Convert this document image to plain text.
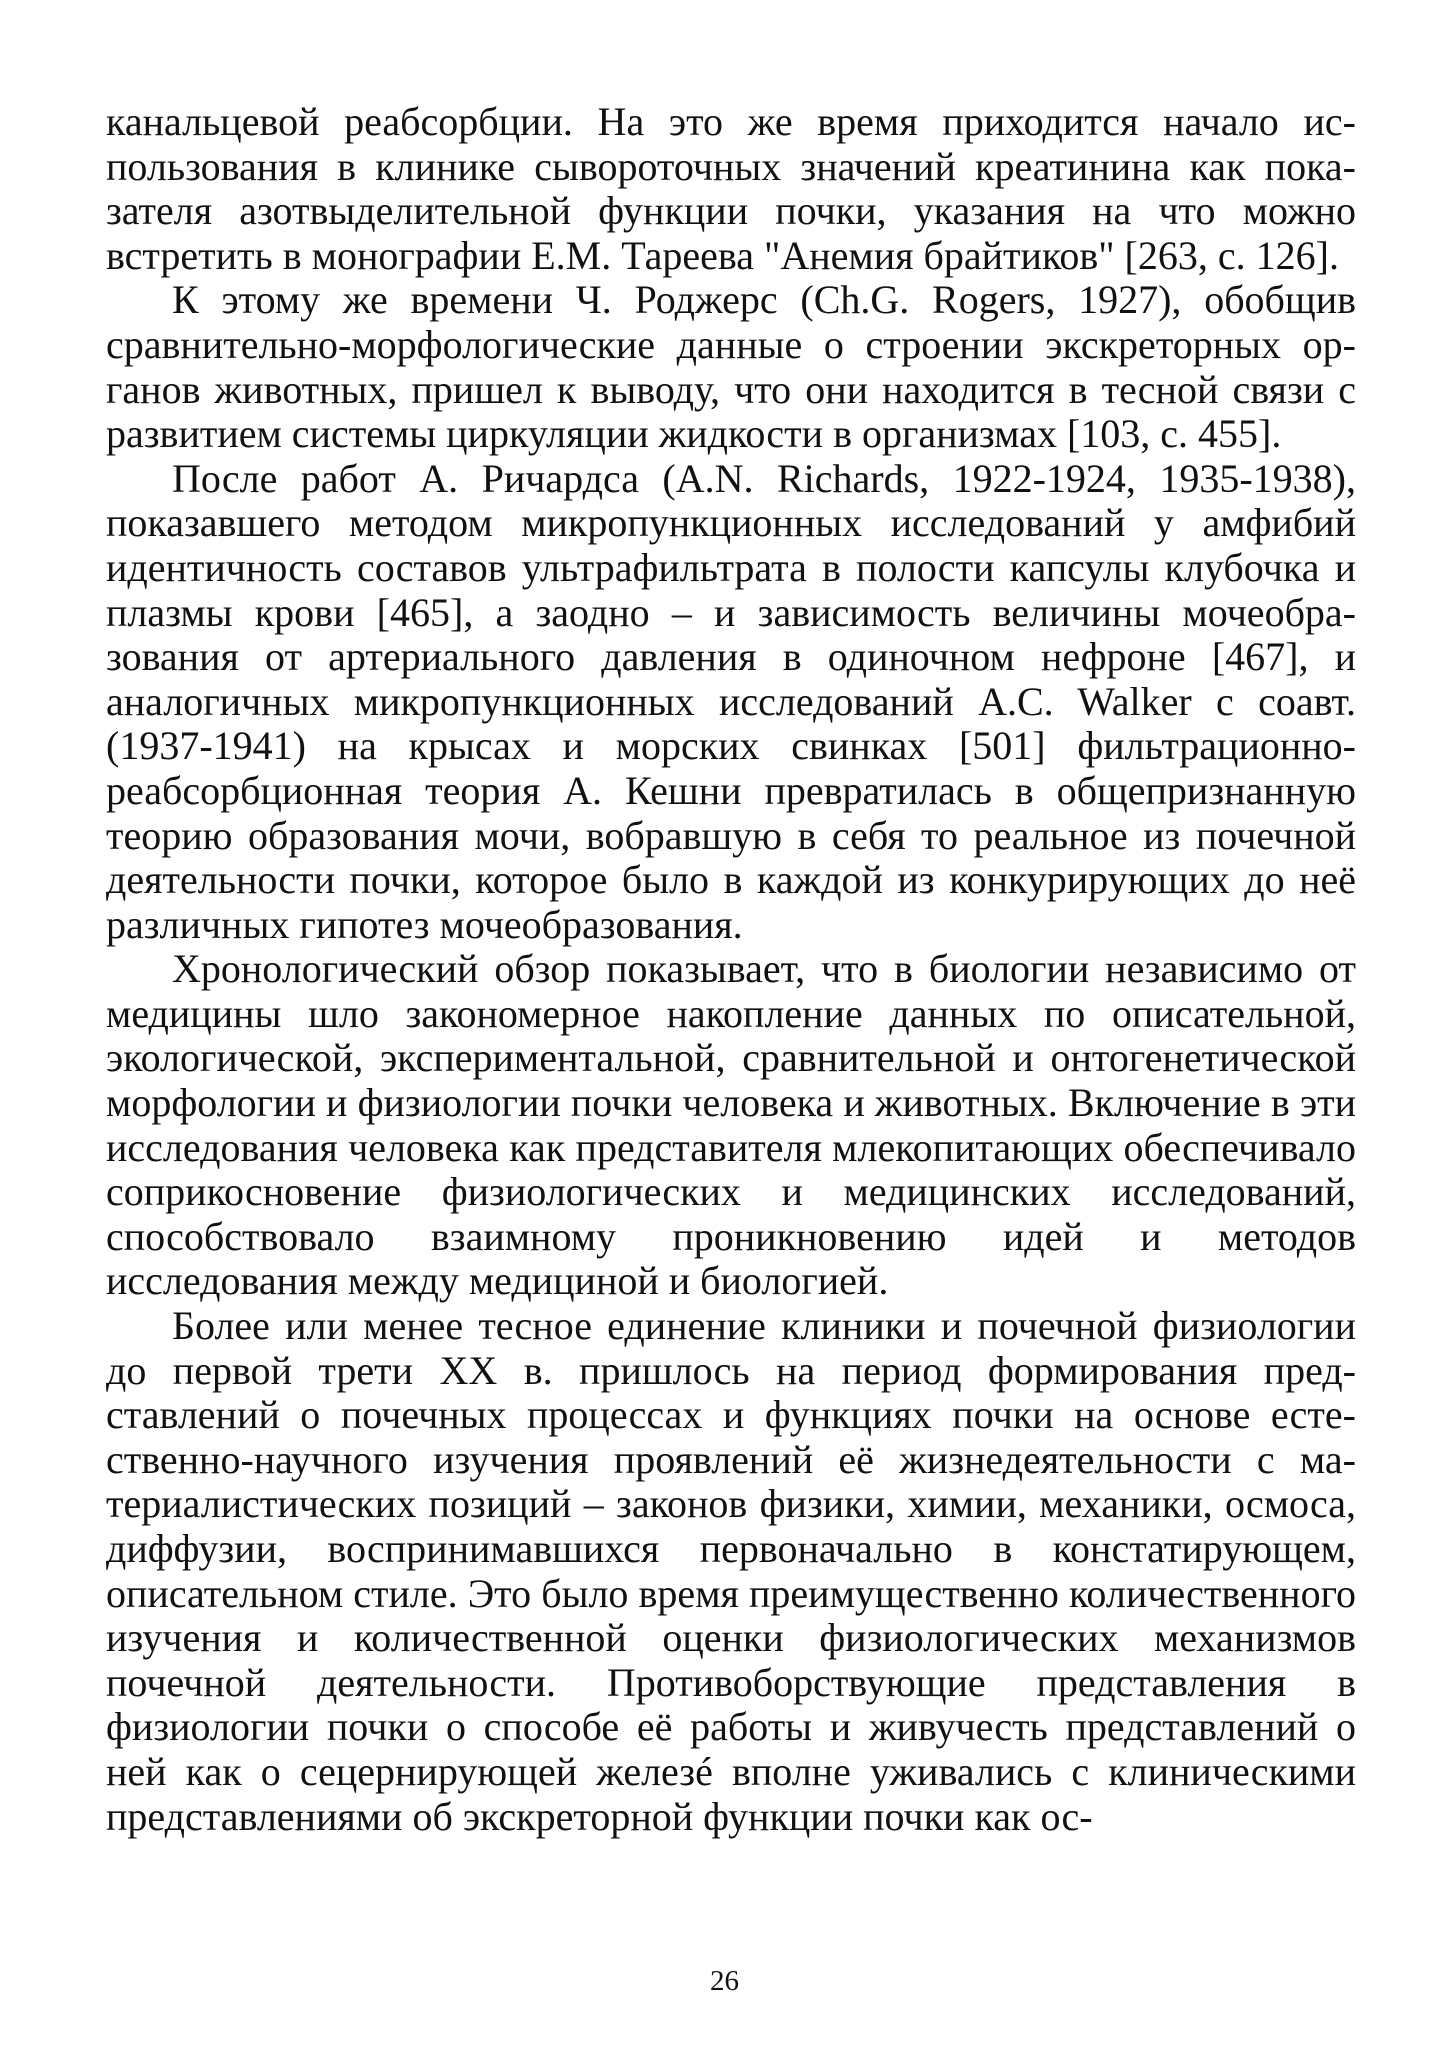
канальцевой реабсорбции. На это же время приходится начало использования в клинике сывороточных значений креатинина как показателя азотвыделительной функции почки, указания на что можно встретить в монографии Е.М. Тареева "Анемия брайтиков" [263, с. 126].

К этому же времени Ч. Роджерс (Ch.G. Rogers, 1927), обобщив сравнительно-морфологические данные о строении экскреторных органов животных, пришел к выводу, что они находится в тесной связи с развитием системы циркуляции жидкости в организмах [103, с. 455].

После работ А. Ричардса (A.N. Richards, 1922-1924, 1935-1938), показавшего методом микропункционных исследований у амфибий идентичность составов ультрафильтрата в полости капсулы клубочка и плазмы крови [465], а заодно – и зависимость величины мочеобразования от артериального давления в одиночном нефроне [467], и аналогичных микропункционных исследований A.C. Walker с соавт. (1937-1941) на крысах и морских свинках [501] фильтрационно-реабсорбционная теория А. Кешни превратилась в общепризнанную теорию образования мочи, вобравшую в себя то реальное из почечной деятельности почки, которое было в каждой из конкурирующих до неё различных гипотез мочеобразования.

Хронологический обзор показывает, что в биологии независимо от медицины шло закономерное накопление данных по описательной, экологической, экспериментальной, сравнительной и онтогенетической морфологии и физиологии почки человека и животных. Включение в эти исследования человека как представителя млекопитающих обеспечивало соприкосновение физиологических и медицинских исследований, способствовало взаимному проникновению идей и методов исследования между медициной и биологией.

Более или менее тесное единение клиники и почечной физиологии до первой трети XX в. пришлось на период формирования представлений о почечных процессах и функциях почки на основе естественно-научного изучения проявлений её жизнедеятельности с материалистических позиций – законов физики, химии, механики, осмоса, диффузии, воспринимавшихся первоначально в констатирующем, описательном стиле. Это было время преимущественно количественного изучения и количественной оценки физиологических механизмов почечной деятельности. Противоборствующие представления в физиологии почки о способе её работы и живучесть представлений о ней как о сецернирующей железé вполне уживались с клиническими представлениями об экскреторной функции почки как ос-

26
